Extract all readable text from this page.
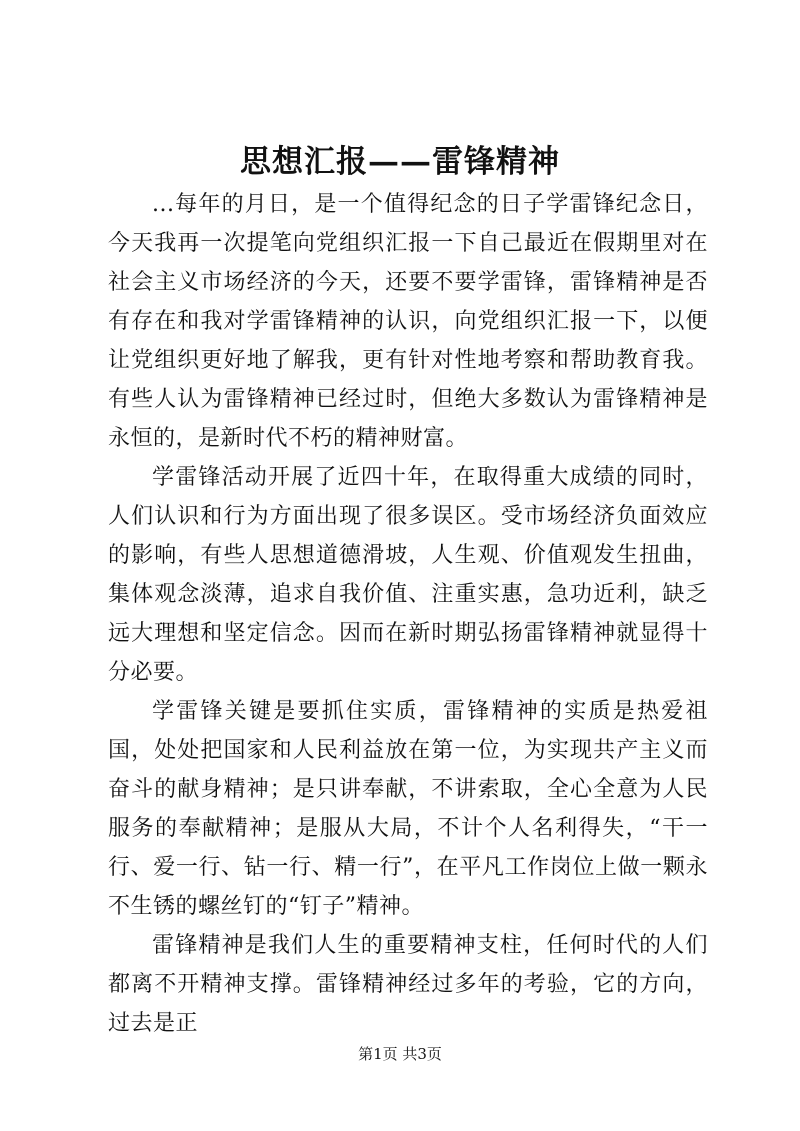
思想汇报——雷锋精神

...每年的月日，是一个值得纪念的日子学雷锋纪念日，今天我再一次提笔向党组织汇报一下自己最近在假期里对在社会主义市场经济的今天，还要不要学雷锋，雷锋精神是否有存在和我对学雷锋精神的认识，向党组织汇报一下，以便让党组织更好地了解我，更有针对性地考察和帮助教育我。有些人认为雷锋精神已经过时，但绝大多数认为雷锋精神是永恒的，是新时代不朽的精神财富。

学雷锋活动开展了近四十年，在取得重大成绩的同时，人们认识和行为方面出现了很多误区。受市场经济负面效应的影响，有些人思想道德滑坡，人生观、价值观发生扭曲，集体观念淡薄，追求自我价值、注重实惠，急功近利，缺乏远大理想和坚定信念。因而在新时期弘扬雷锋精神就显得十分必要。

学雷锋关键是要抓住实质，雷锋精神的实质是热爱祖国，处处把国家和人民利益放在第一位，为实现共产主义而奋斗的献身精神；是只讲奉献，不讲索取，全心全意为人民服务的奉献精神；是服从大局，不计个人名利得失，“干一行、爱一行、钻一行、精一行”，在平凡工作岗位上做一颗永不生锈的螺丝钉的“钉子”精神。

雷锋精神是我们人生的重要精神支柱，任何时代的人们都离不开精神支撑。雷锋精神经过多年的考验，它的方向，过去是正

第1页 共3页
